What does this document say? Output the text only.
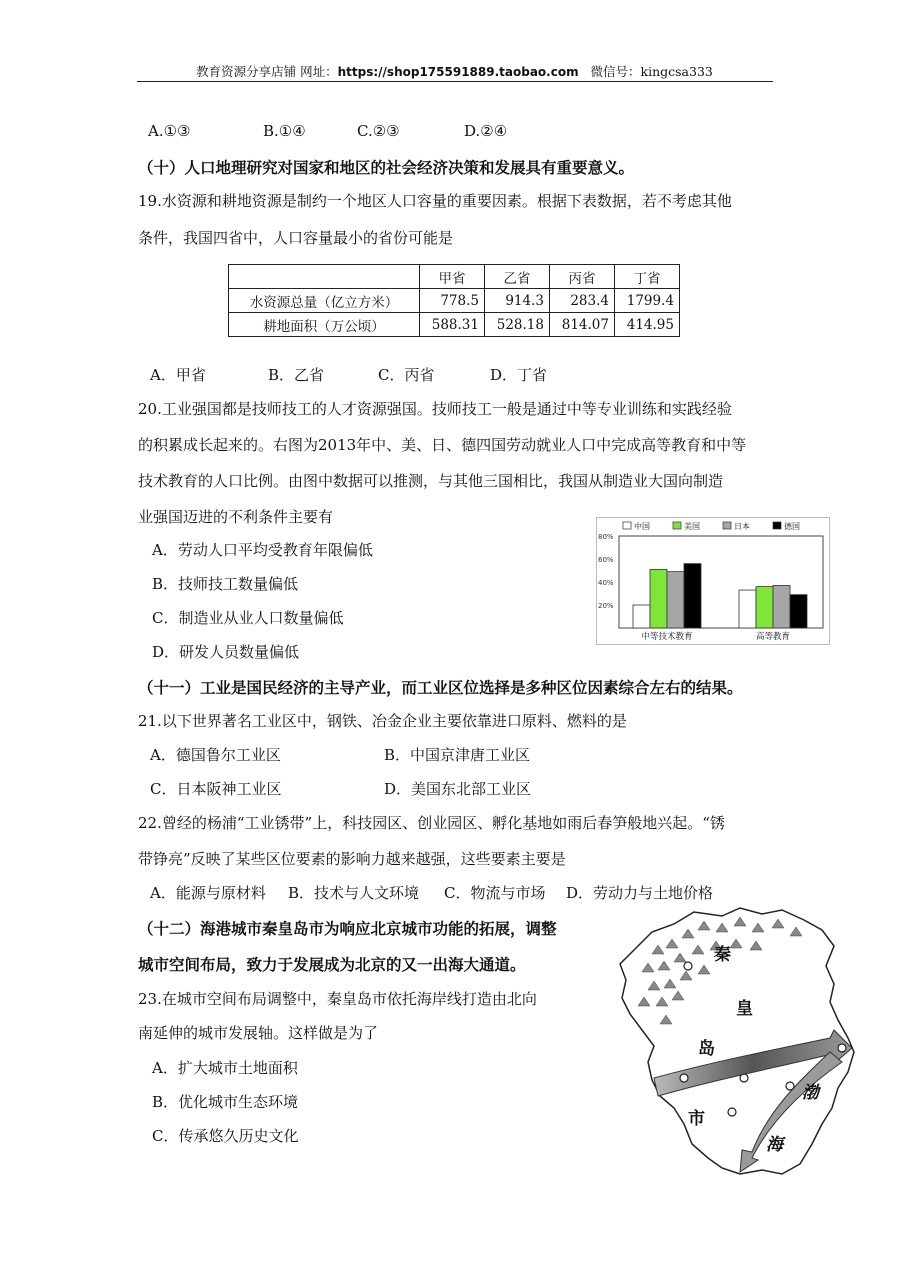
教育资源分享店铺 网址：https://shop175591889.taobao.com 微信号：kingcsa333
A.①③	B.①④	C.②③	D.②④
（十）人口地理研究对国家和地区的社会经济决策和发展具有重要意义。
19.水资源和耕地资源是制约一个地区人口容量的重要因素。根据下表数据，若不考虑其他
条件，我国四省中，人口容量最小的省份可能是
	甲省	乙省	丙省	丁省
水资源总量（亿立方米）	778.5	914.3	283.4	1799.4
耕地面积（万公顷）	588.31	528.18	814.07	414.95
A．甲省	B．乙省	C．丙省	D．丁省
20.工业强国都是技师技工的人才资源强国。技师技工一般是通过中等专业训练和实践经验
的积累成长起来的。右图为2013年中、美、日、德四国劳动就业人口中完成高等教育和中等
技术教育的人口比例。由图中数据可以推测，与其他三国相比，我国从制造业大国向制造
业强国迈进的不利条件主要有
A．劳动人口平均受教育年限偏低
B．技师技工数量偏低
C．制造业从业人口数量偏低
D．研发人员数量偏低
20%
40%
60%
80%
中国	美国	日本	德国
中等技术教育	高等教育
（十一）工业是国民经济的主导产业，而工业区位选择是多种区位因素综合左右的结果。
21.以下世界著名工业区中，钢铁、冶金企业主要依靠进口原料、燃料的是
A．德国鲁尔工业区	B．中国京津唐工业区
C．日本阪神工业区	D．美国东北部工业区
22.曾经的杨浦“工业锈带”上，科技园区、创业园区、孵化基地如雨后春笋般地兴起。“锈
带铮亮”反映了某些区位要素的影响力越来越强，这些要素主要是
A．能源与原材料 B．技术与人文环境 C．物流与市场 D．劳动力与土地价格
（十二）海港城市秦皇岛市为响应北京城市功能的拓展，调整
城市空间布局，致力于发展成为北京的又一出海大通道。
23.在城市空间布局调整中，秦皇岛市依托海岸线打造由北向
南延伸的城市发展轴。这样做是为了
A．扩大城市土地面积
B．优化城市生态环境
C．传承悠久历史文化
秦
皇
岛
市
渤
海
